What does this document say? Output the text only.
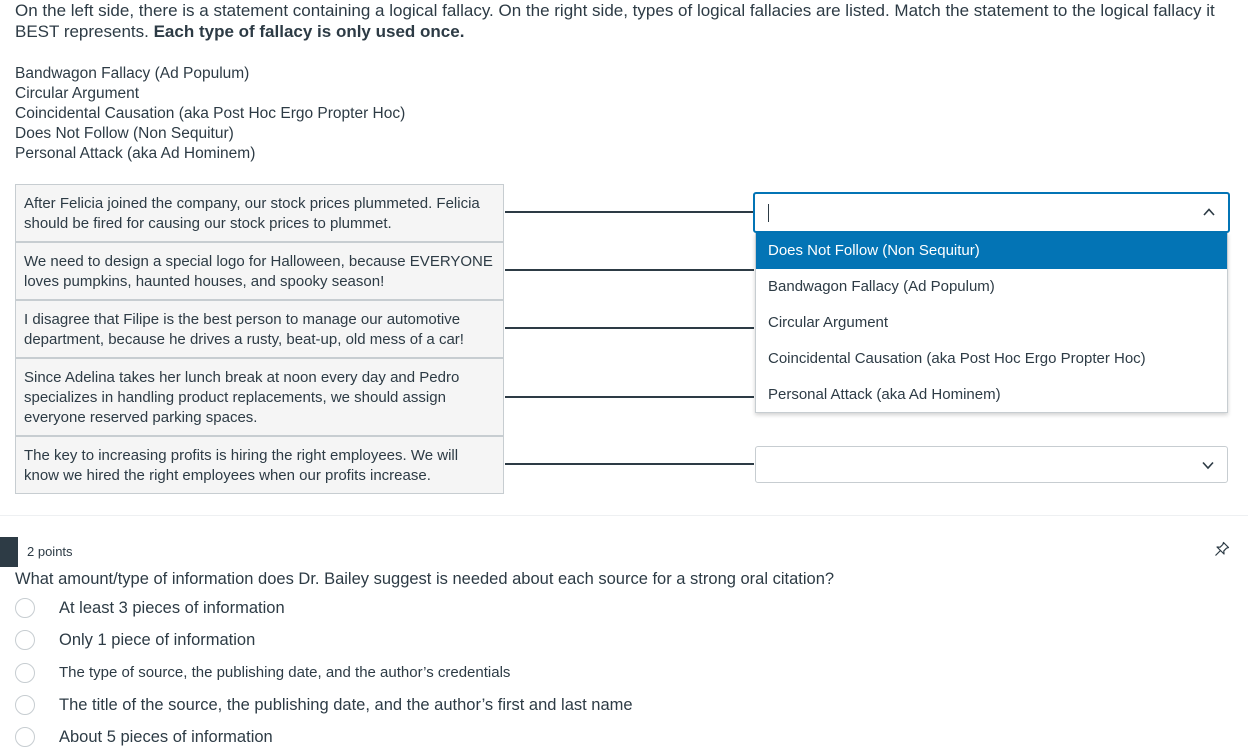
On the left side, there is a statement containing a logical fallacy. On the right side, types of logical fallacies are listed. Match the statement to the logical fallacy it BEST represents. Each type of fallacy is only used once.
Bandwagon Fallacy (Ad Populum)
Circular Argument
Coincidental Causation (aka Post Hoc Ergo Propter Hoc)
Does Not Follow (Non Sequitur)
Personal Attack (aka Ad Hominem)
After Felicia joined the company, our stock prices plummeted. Felicia should be fired for causing our stock prices to plummet.
We need to design a special logo for Halloween, because EVERYONE loves pumpkins, haunted houses, and spooky season!
I disagree that Filipe is the best person to manage our automotive department, because he drives a rusty, beat-up, old mess of a car!
Since Adelina takes her lunch break at noon every day and Pedro specializes in handling product replacements, we should assign everyone reserved parking spaces.
The key to increasing profits is hiring the right employees. We will know we hired the right employees when our profits increase.
Does Not Follow (Non Sequitur)
Bandwagon Fallacy (Ad Populum)
Circular Argument
Coincidental Causation (aka Post Hoc Ergo Propter Hoc)
Personal Attack (aka Ad Hominem)
2 points
What amount/type of information does Dr. Bailey suggest is needed about each source for a strong oral citation?
At least 3 pieces of information
Only 1 piece of information
The type of source, the publishing date, and the author’s credentials
The title of the source, the publishing date, and the author’s first and last name
About 5 pieces of information
